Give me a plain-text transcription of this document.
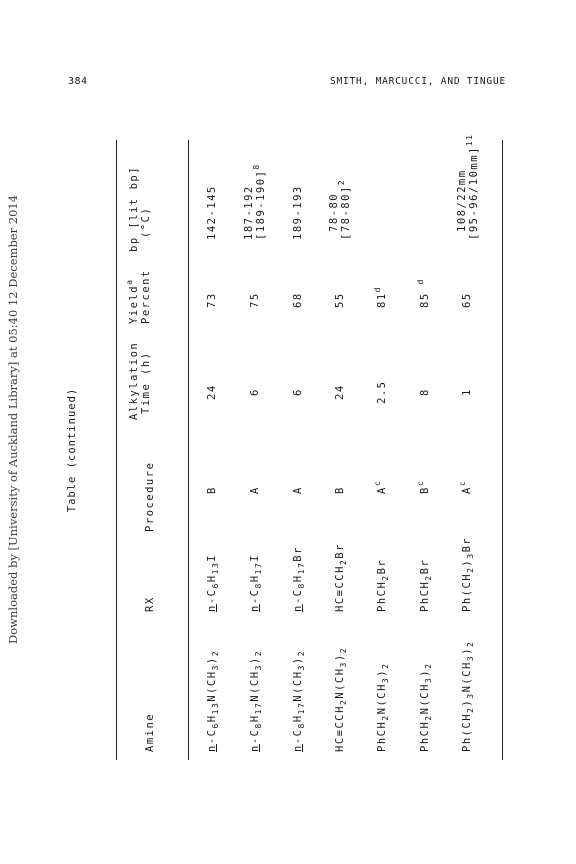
384	SMITH, MARCUCCI, AND TINGUE
Downloaded by [University of Auckland Library] at 05:40 12 December 2014	Table (continued)
Amine
RX
Procedure
Alkylation Time (h)
Yield$^a$ Percent
bp [lit bp] (°C)
$n-C_6H_{13}N(CH_3)_2$
$n-C_6H_{13}I$
B
24
73
142-145
$n-C_8H_{17}N(CH_3)_2$
$n-C_8H_{17}I$
A
6
75
187-192 $[189-190]^8$
$n-C_8H_{17}N(CH_3)_2$
$n-C_8H_{17}Br$
A
6
68
189-193
$HC\equiv CCH_2N(CH_3)_2$
$HC\equiv CCH_2Br$
B
24
55
78-80 $[78-80]^2$
$PhCH_2N(CH_3)_2$
PhCH$_2$Br
$A^c$
2.5
81$^d$
$PhCH_2N(CH_3)_2$
PhCH$_2$Br
$B^c$
8
85 $^d$
$Ph(CH_2)_3N(CH_3)_2$
$Ph(CH_2)_3Br$
$A^c$
1
65
108/22mm $[95-96/10mm]^{11}$
